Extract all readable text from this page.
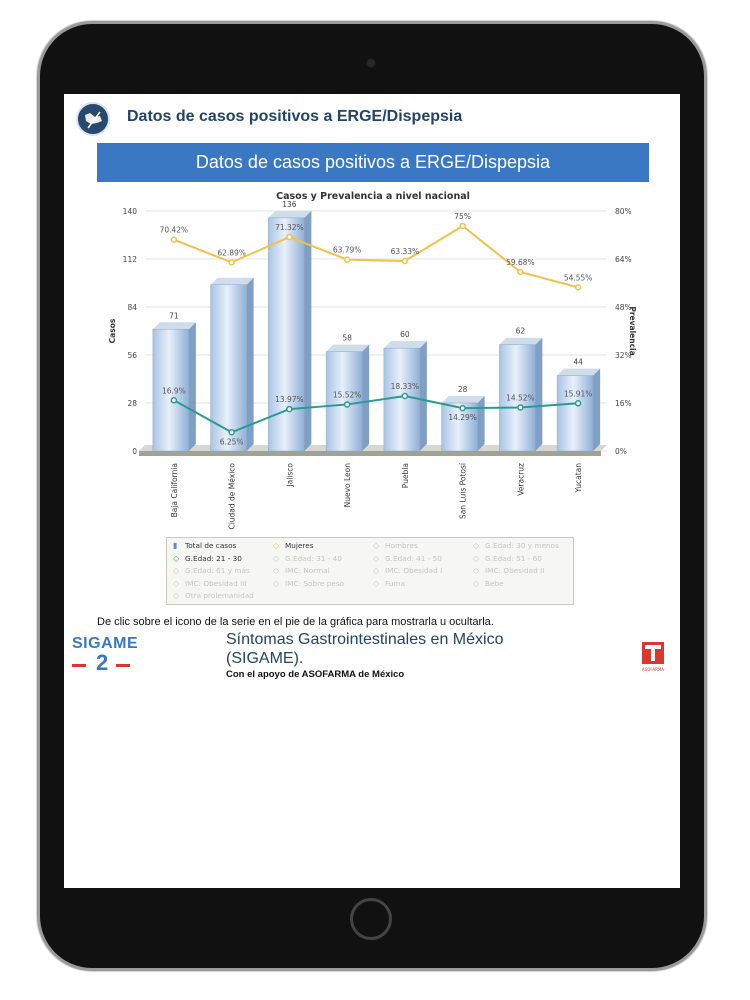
Datos de casos positivos a ERGE/Dispepsia
Datos de casos positivos a ERGE/Dispepsia
Casos y Prevalencia a nivel nacional
0
28
56
84
112
140
0%
16%
32%
48%
64%
80%
Casos	Prevalencia
71
136
58	60
28
62
44
70.42%
62.89%
71.32%
63.79%	63.33%
75%
59.68%
54.55%
16.9%
6.25%
13.97%
15.52%
18.33%
14.29%
14.52%	15.91%
Baja California	Ciudad de México	Jalisco	Nuevo Leon	Puebla	San Luis Potosí	Veracruz	Yucatan
▮ Total de casos	◇ Mujeres	◇ Hombres	◇ G.Edad: 30 y menos
◇ G.Edad: 21 - 30	◇ G.Edad: 31 - 40	◇ G.Edad: 41 - 50	◇ G.Edad: 51 - 60
◇ G.Edad: 61 y más	◇ IMC: Normal	◇ IMC: Obesidad I	◇ IMC: Obesidad II
◇ IMC: Obesidad III	◇ IMC: Sobre peso	◇ Fuma	◇ Bebe
◇ Otra prolemanidad
De clic sobre el icono de la serie en el pie de la gráfica para mostrarla u ocultarla.
SIGAME
2
Síntomas Gastrointestinales en México (SIGAME).
Con el apoyo de ASOFARMA de México	ASOFARMA
